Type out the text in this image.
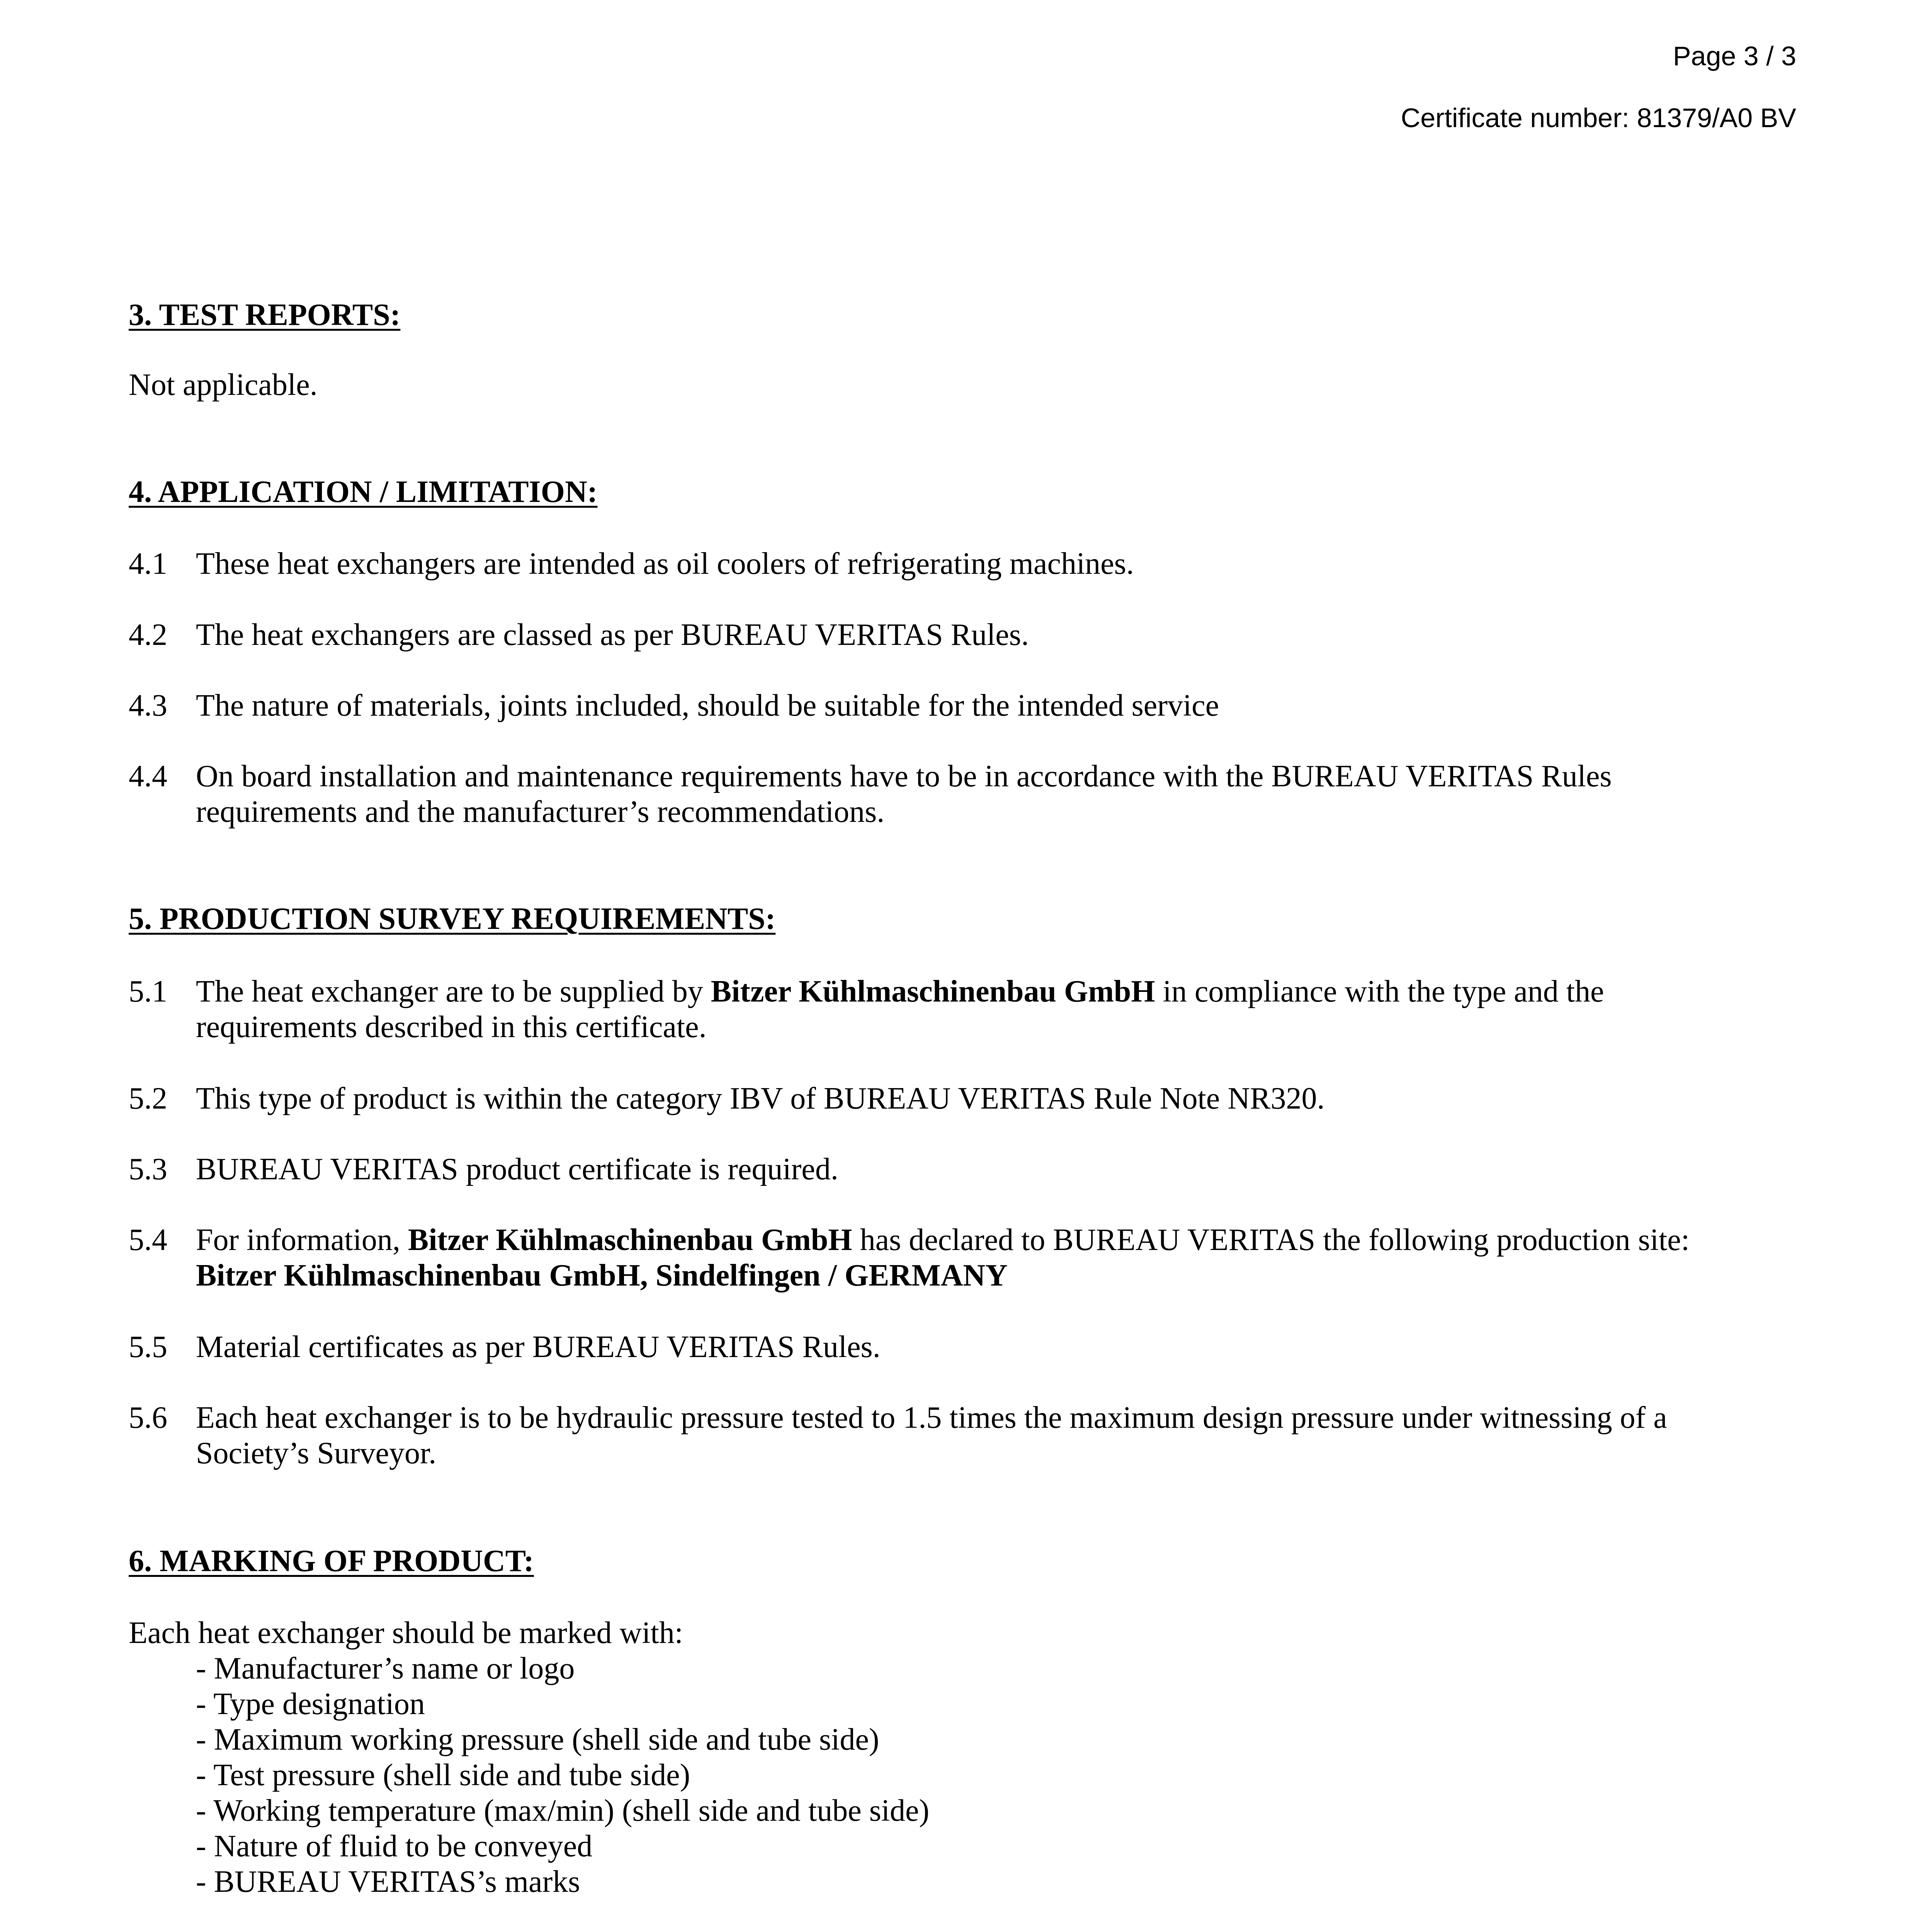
Page 3 / 3
Certificate number: 81379/A0 BV
3. TEST REPORTS:
Not applicable.
4. APPLICATION / LIMITATION:
4.1 These heat exchangers are intended as oil coolers of refrigerating machines.
4.2 The heat exchangers are classed as per BUREAU VERITAS Rules.
4.3 The nature of materials, joints included, should be suitable for the intended service
4.4 On board installation and maintenance requirements have to be in accordance with the BUREAU VERITAS Rules
requirements and the manufacturer’s recommendations.
5. PRODUCTION SURVEY REQUIREMENTS:
5.1 The heat exchanger are to be supplied by Bitzer Kühlmaschinenbau GmbH in compliance with the type and the
requirements described in this certificate.
5.2 This type of product is within the category IBV of BUREAU VERITAS Rule Note NR320.
5.3 BUREAU VERITAS product certificate is required.
5.4 For information, Bitzer Kühlmaschinenbau GmbH has declared to BUREAU VERITAS the following production site:
Bitzer Kühlmaschinenbau GmbH, Sindelfingen / GERMANY
5.5 Material certificates as per BUREAU VERITAS Rules.
5.6 Each heat exchanger is to be hydraulic pressure tested to 1.5 times the maximum design pressure under witnessing of a
Society’s Surveyor.
6. MARKING OF PRODUCT:
Each heat exchanger should be marked with:
- Manufacturer’s name or logo
- Type designation
- Maximum working pressure (shell side and tube side)
- Test pressure (shell side and tube side)
- Working temperature (max/min) (shell side and tube side)
- Nature of fluid to be conveyed
- BUREAU VERITAS’s marks
